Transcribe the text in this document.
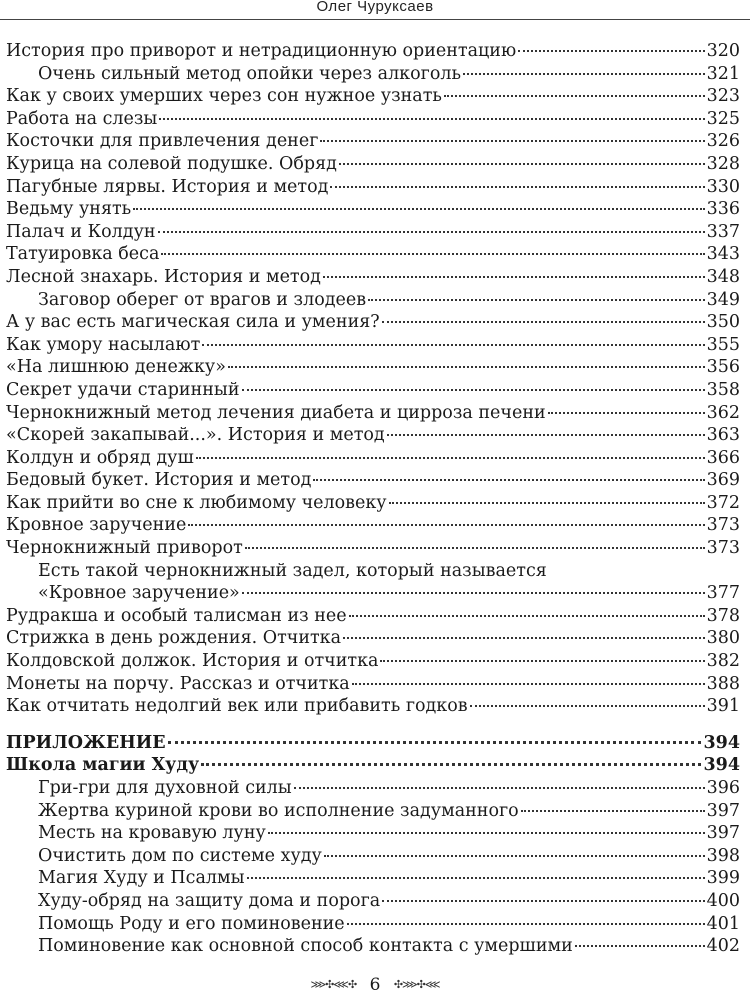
Олег Чуруксаев
История про приворот и нетрадиционную ориентацию	320
Очень сильный метод опойки через алкоголь	321
Как у своих умерших через сон нужное узнать	323
Работа на слезы	325
Косточки для привлечения денег	326
Курица на солевой подушке. Обряд	328
Пагубные лярвы. История и метод	330
Ведьму унять	336
Палач и Колдун	337
Татуировка беса	343
Лесной знахарь. История и метод	348
Заговор оберег от врагов и злодеев	349
А у вас есть магическая сила и умения?	350
Как умору насылают	355
«На лишнюю денежку»	356
Секрет удачи старинный	358
Чернокнижный метод лечения диабета и цирроза печени	362
«Скорей закапывай...». История и метод	363
Колдун и обряд душ	366
Бедовый букет. История и метод	369
Как прийти во сне к любимому человеку	372
Кровное заручение	373
Чернокнижный приворот	373
Есть такой чернокнижный задел, который называется
«Кровное заручение»	377
Рудракша и особый талисман из нее	378
Стрижка в день рождения. Отчитка	380
Колдовской должок. История и отчитка	382
Монеты на порчу. Рассказ и отчитка	388
Как отчитать недолгий век или прибавить годков	391
ПРИЛОЖЕНИЕ	394
Школа магии Худу	394
Гри-гри для духовной силы	396
Жертва куриной крови во исполнение задуманного	397
Месть на кровавую луну	397
Очистить дом по системе худу	398
Магия Худу и Псалмы	399
Худу-обряд на защиту дома и порога	400
Помощь Роду и его поминовение	401
Поминовение как основной способ контакта с умершими	402
⋙✣⋘✣ 6 ✣⋙✣⋘
